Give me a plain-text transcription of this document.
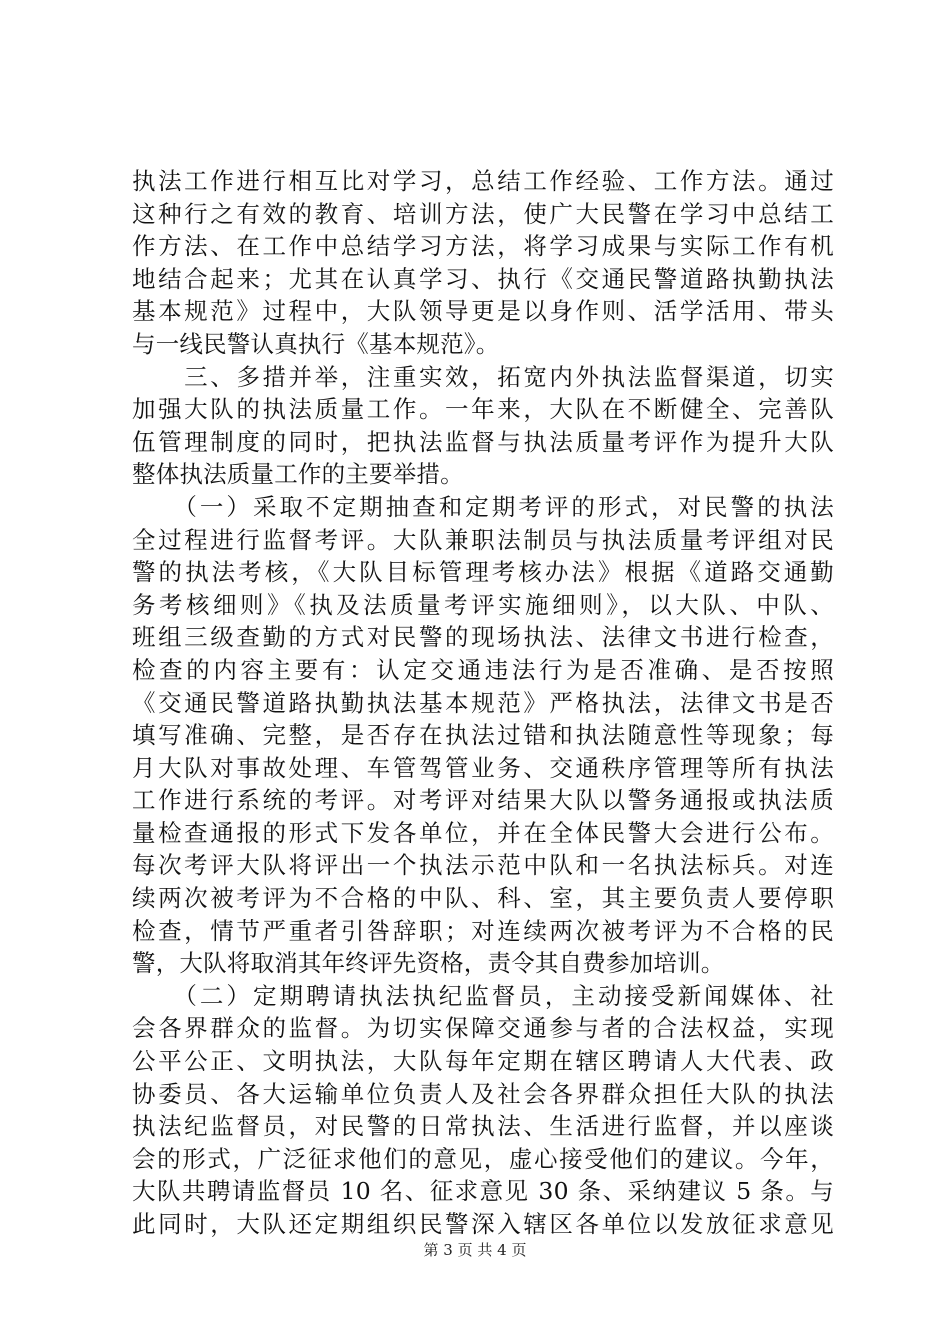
执法工作进行相互比对学习，总结工作经验、工作方法。通过
这种行之有效的教育、培训方法，使广大民警在学习中总结工
作方法、在工作中总结学习方法，将学习成果与实际工作有机
地结合起来；尤其在认真学习、执行《交通民警道路执勤执法
基本规范》过程中，大队领导更是以身作则、活学活用、带头
与一线民警认真执行《基本规范》。
　　三、多措并举，注重实效，拓宽内外执法监督渠道，切实
加强大队的执法质量工作。一年来，大队在不断健全、完善队
伍管理制度的同时，把执法监督与执法质量考评作为提升大队
整体执法质量工作的主要举措。
　　（一）采取不定期抽查和定期考评的形式，对民警的执法
全过程进行监督考评。大队兼职法制员与执法质量考评组对民
警的执法考核，《大队目标管理考核办法》根据《道路交通勤
务考核细则》《执及法质量考评实施细则》，以大队、中队、
班组三级查勤的方式对民警的现场执法、法律文书进行检查，
检查的内容主要有：认定交通违法行为是否准确、是否按照
《交通民警道路执勤执法基本规范》严格执法，法律文书是否
填写准确、完整，是否存在执法过错和执法随意性等现象；每
月大队对事故处理、车管驾管业务、交通秩序管理等所有执法
工作进行系统的考评。对考评对结果大队以警务通报或执法质
量检查通报的形式下发各单位，并在全体民警大会进行公布。
每次考评大队将评出一个执法示范中队和一名执法标兵。对连
续两次被考评为不合格的中队、科、室，其主要负责人要停职
检查，情节严重者引咎辞职；对连续两次被考评为不合格的民
警，大队将取消其年终评先资格，责令其自费参加培训。
　　（二）定期聘请执法执纪监督员，主动接受新闻媒体、社
会各界群众的监督。为切实保障交通参与者的合法权益，实现
公平公正、文明执法，大队每年定期在辖区聘请人大代表、政
协委员、各大运输单位负责人及社会各界群众担任大队的执法
执法纪监督员，对民警的日常执法、生活进行监督，并以座谈
会的形式，广泛征求他们的意见，虚心接受他们的建议。今年，
大队共聘请监督员 10 名、征求意见 30 条、采纳建议 5 条。与
此同时，大队还定期组织民警深入辖区各单位以发放征求意见
第 3 页 共 4 页
